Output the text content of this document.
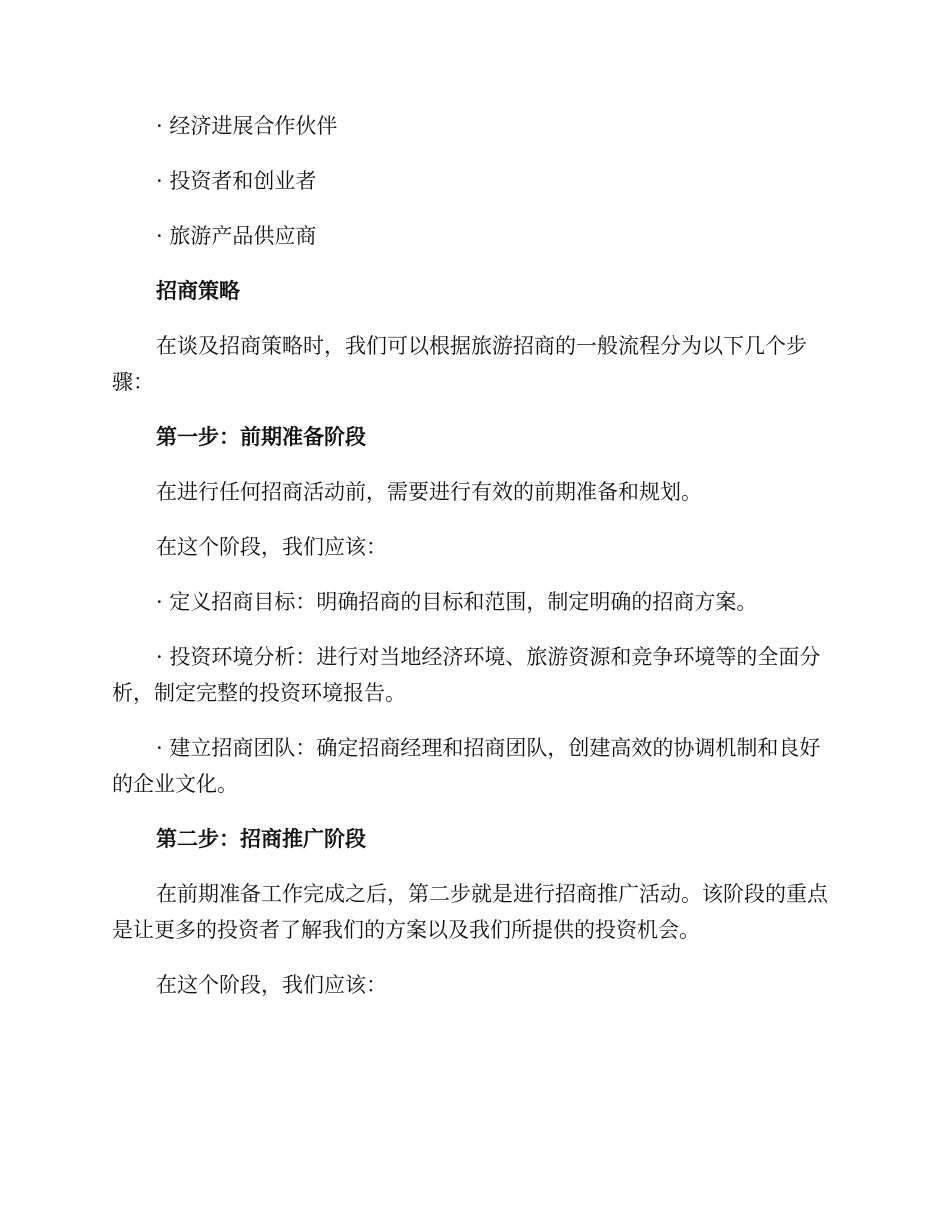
· 经济进展合作伙伴

· 投资者和创业者

· 旅游产品供应商

招商策略

在谈及招商策略时，我们可以根据旅游招商的一般流程分为以下几个步骤：

第一步：前期准备阶段

在进行任何招商活动前，需要进行有效的前期准备和规划。

在这个阶段，我们应该：

· 定义招商目标：明确招商的目标和范围，制定明确的招商方案。

· 投资环境分析：进行对当地经济环境、旅游资源和竞争环境等的全面分析，制定完整的投资环境报告。

· 建立招商团队：确定招商经理和招商团队，创建高效的协调机制和良好的企业文化。

第二步：招商推广阶段

在前期准备工作完成之后，第二步就是进行招商推广活动。该阶段的重点是让更多的投资者了解我们的方案以及我们所提供的投资机会。

在这个阶段，我们应该：
